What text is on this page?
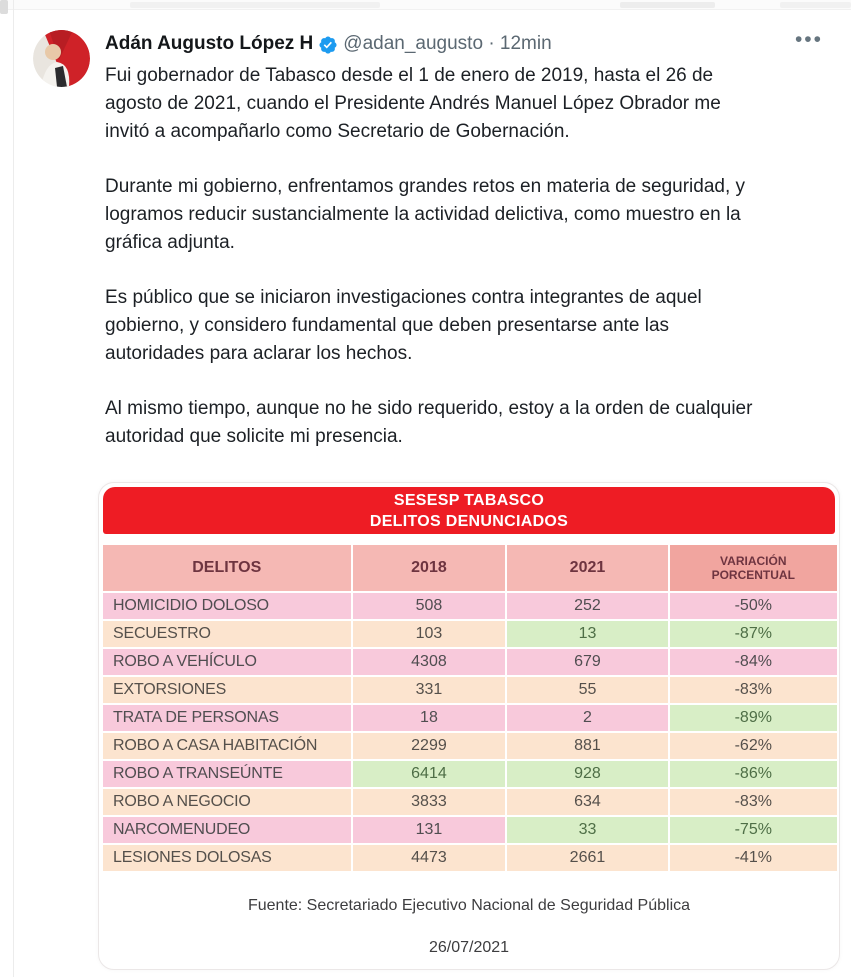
Adán Augusto López H @adan_augusto · 12min	•••

Fui gobernador de Tabasco desde el 1 de enero de 2019, hasta el 26 de agosto de 2021, cuando el Presidente Andrés Manuel López Obrador me invitó a acompañarlo como Secretario de Gobernación.

Durante mi gobierno, enfrentamos grandes retos en materia de seguridad, y logramos reducir sustancialmente la actividad delictiva, como muestro en la gráfica adjunta.

Es público que se iniciaron investigaciones contra integrantes de aquel gobierno, y considero fundamental que deben presentarse ante las autoridades para aclarar los hechos.

Al mismo tiempo, aunque no he sido requerido, estoy a la orden de cualquier autoridad que solicite mi presencia.

SESESP TABASCO
DELITOS DENUNCIADOS
DELITOS	2018	2021	VARIACIÓN
PORCENTUAL
HOMICIDIO DOLOSO	508	252	-50%
SECUESTRO	103	13	-87%
ROBO A VEHÍCULO	4308	679	-84%
EXTORSIONES	331	55	-83%
TRATA DE PERSONAS	18	2	-89%
ROBO A CASA HABITACIÓN	2299	881	-62%
ROBO A TRANSEÚNTE	6414	928	-86%
ROBO A NEGOCIO	3833	634	-83%
NARCOMENUDEO	131	33	-75%
LESIONES DOLOSAS	4473	2661	-41%
Fuente: Secretariado Ejecutivo Nacional de Seguridad Pública
26/07/2021
